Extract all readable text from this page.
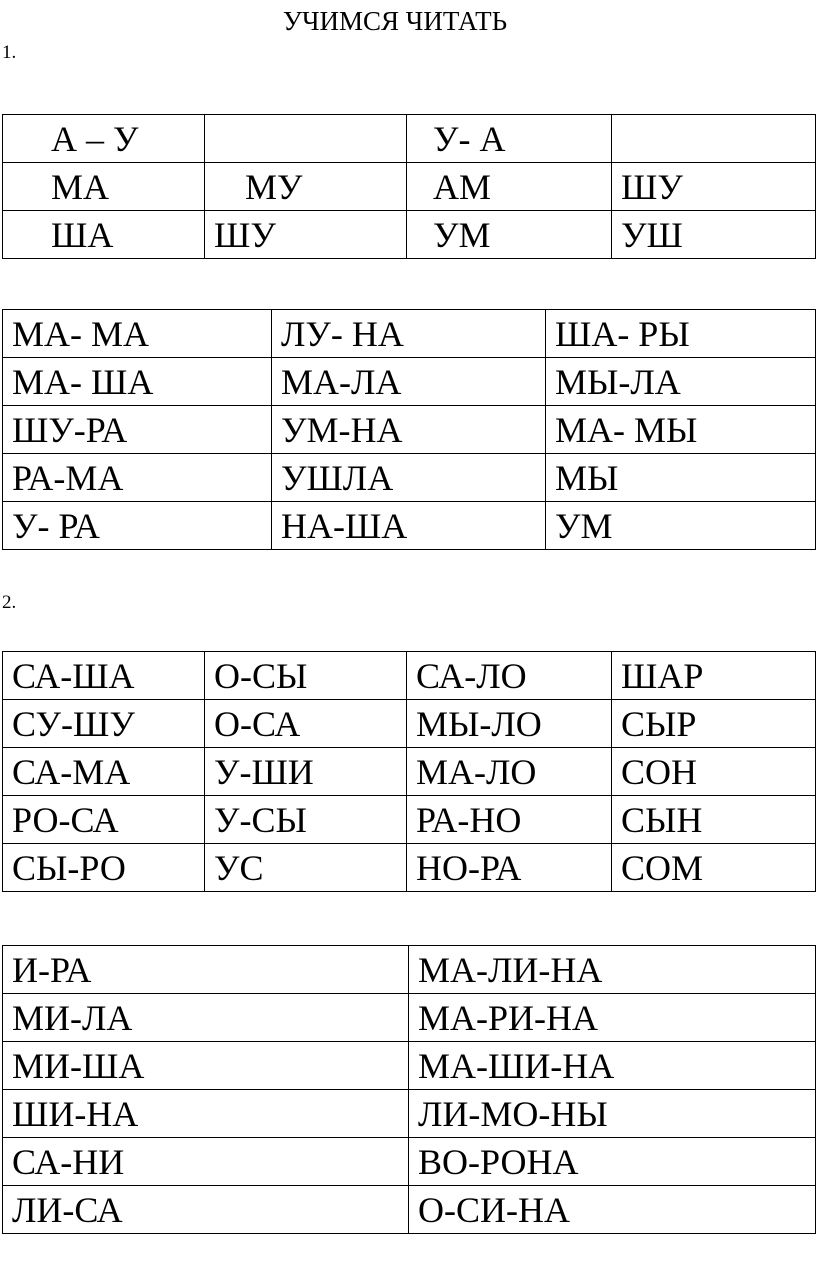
УЧИМСЯ ЧИТАТЬ
1.
А – У		У- А	
МА	МУ	АМ	ШУ
ША	ШУ	УМ	УШ
МА- МА	ЛУ- НА	ША- РЫ
МА- ША	МА-ЛА	МЫ-ЛА
ШУ-РА	УМ-НА	МА- МЫ
РА-МА	УШЛА	МЫ
У- РА	НА-ША	УМ
2.
СА-ША	О-СЫ	СА-ЛО	ШАР
СУ-ШУ	О-СА	МЫ-ЛО	СЫР
СА-МА	У-ШИ	МА-ЛО	СОН
РО-СА	У-СЫ	РА-НО	СЫН
СЫ-РО	УС	НО-РА	СОМ
И-РА	МА-ЛИ-НА
МИ-ЛА	МА-РИ-НА
МИ-ША	МА-ШИ-НА
ШИ-НА	ЛИ-МО-НЫ
СА-НИ	ВО-РОНА
ЛИ-СА	О-СИ-НА
